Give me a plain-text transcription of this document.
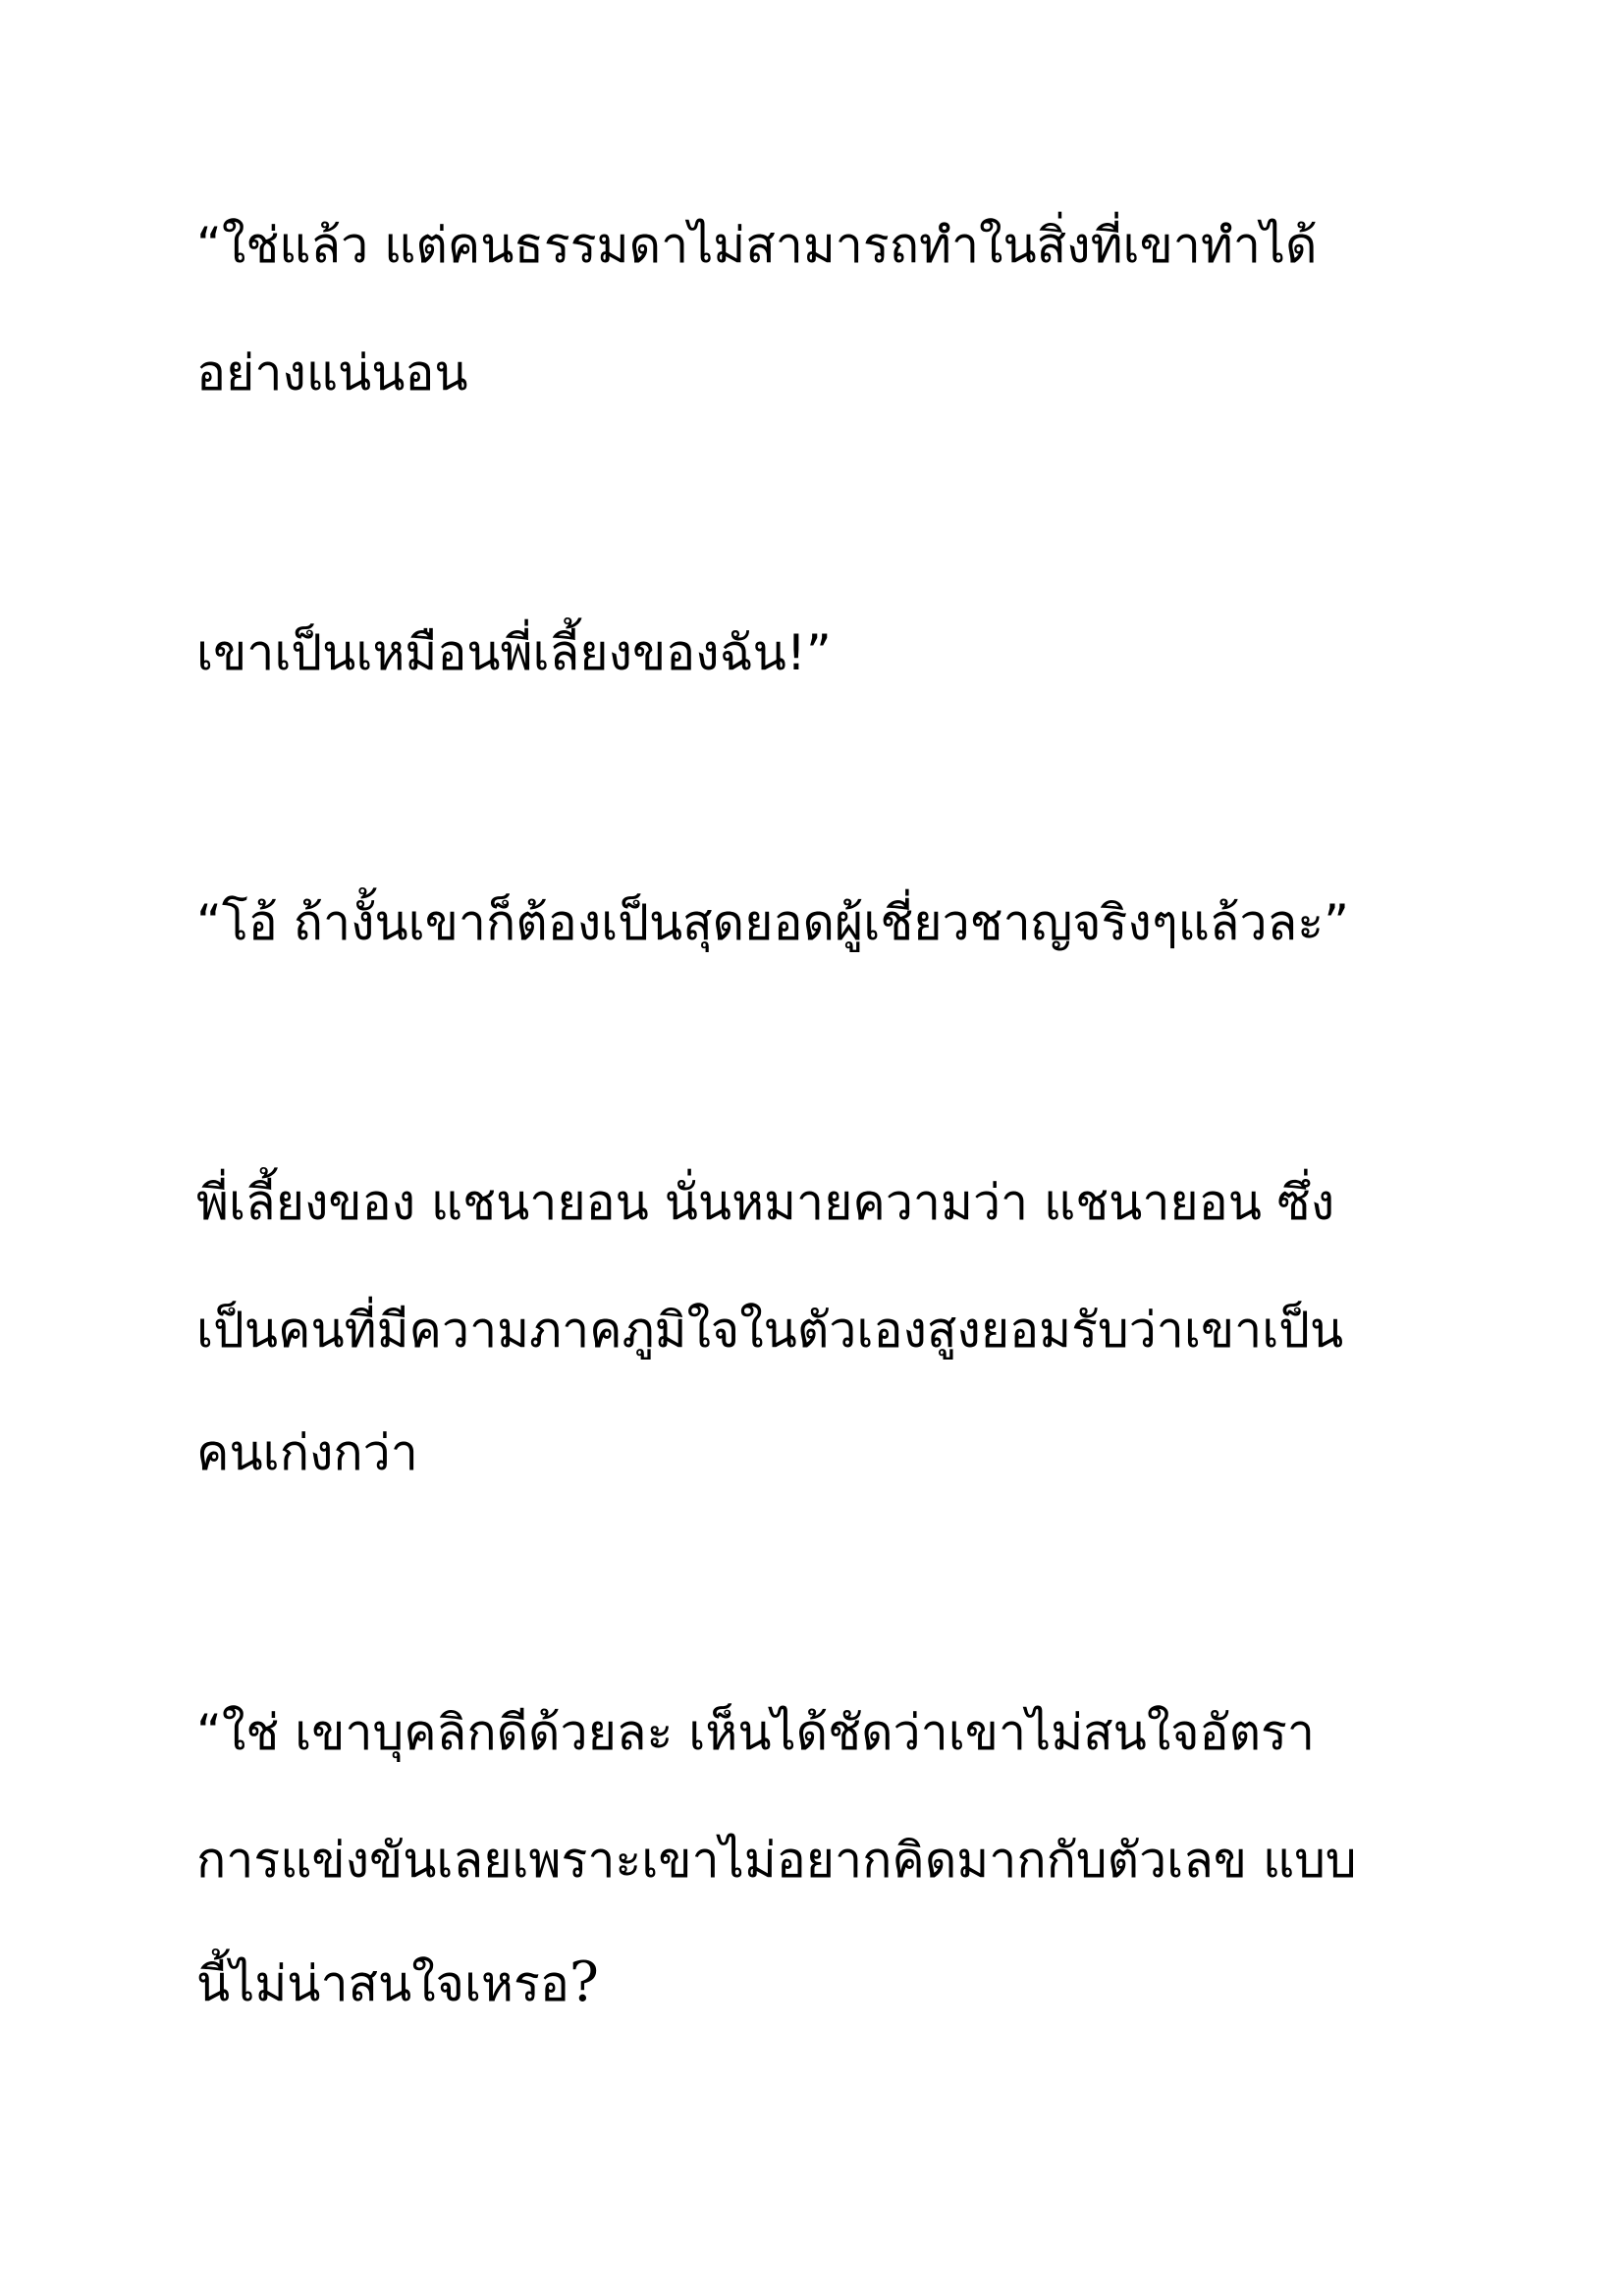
“ใช่แล้ว แต่คนธรรมดาไม่สามารถทำในสิ่งที่เขาทำได้

อย่างแน่นอน

เขาเป็นเหมือนพี่เลี้ยงของฉัน!”

“โอ้ ถ้างั้นเขาก็ต้องเป็นสุดยอดผู้เชี่ยวชาญจริงๆแล้วละ”

พี่เลี้ยงของ แชนายอน นั่นหมายความว่า แชนายอน ซึ่ง

เป็นคนที่มีความภาคภูมิใจในตัวเองสูงยอมรับว่าเขาเป็น

คนเก่งกว่า

“ใช่ เขาบุคลิกดีด้วยละ เห็นได้ชัดว่าเขาไม่สนใจอัตรา

การแข่งขันเลยเพราะเขาไม่อยากคิดมากกับตัวเลข แบบ

นี้ไม่น่าสนใจเหรอ?
